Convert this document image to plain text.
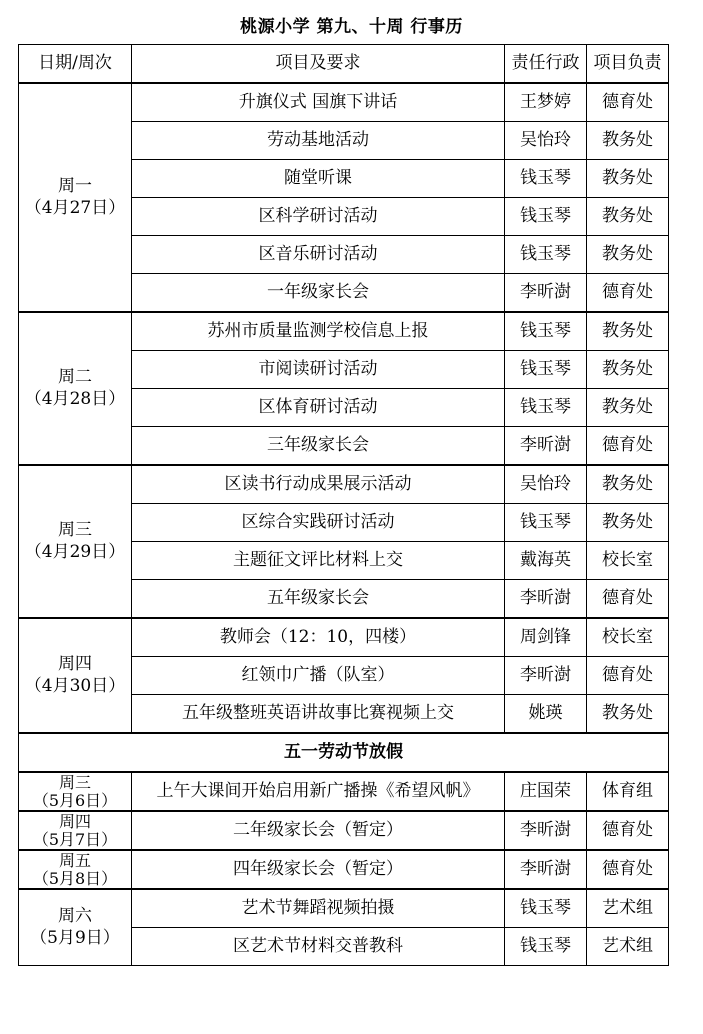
桃源小学 第九、十周 行事历
日期/周次	项目及要求	责任行政	项目负责

周一
（4月27日）	升旗仪式 国旗下讲话	王梦婷	德育处
	劳动基地活动	吴怡玲	教务处
	随堂听课	钱玉琴	教务处
	区科学研讨活动	钱玉琴	教务处
	区音乐研讨活动	钱玉琴	教务处
	一年级家长会	李昕澍	德育处

周二
（4月28日）	苏州市质量监测学校信息上报	钱玉琴	教务处
	市阅读研讨活动	钱玉琴	教务处
	区体育研讨活动	钱玉琴	教务处
	三年级家长会	李昕澍	德育处

周三
（4月29日）	区读书行动成果展示活动	吴怡玲	教务处
	区综合实践研讨活动	钱玉琴	教务处
	主题征文评比材料上交	戴海英	校长室
	五年级家长会	李昕澍	德育处

周四
（4月30日）	教师会（12：10，四楼）	周剑锋	校长室
	红领巾广播（队室）	李昕澍	德育处
	五年级整班英语讲故事比赛视频上交	姚瑛	教务处
五一劳动节放假			

周三
（5月6日）	上午大课间开始启用新广播操《希望风帆》	庄国荣	体育组

周四
（5月7日）	二年级家长会（暂定）	李昕澍	德育处

周五
（5月8日）	四年级家长会（暂定）	李昕澍	德育处

周六
（5月9日）	艺术节舞蹈视频拍摄	钱玉琴	艺术组
	区艺术节材料交普教科	钱玉琴	艺术组
